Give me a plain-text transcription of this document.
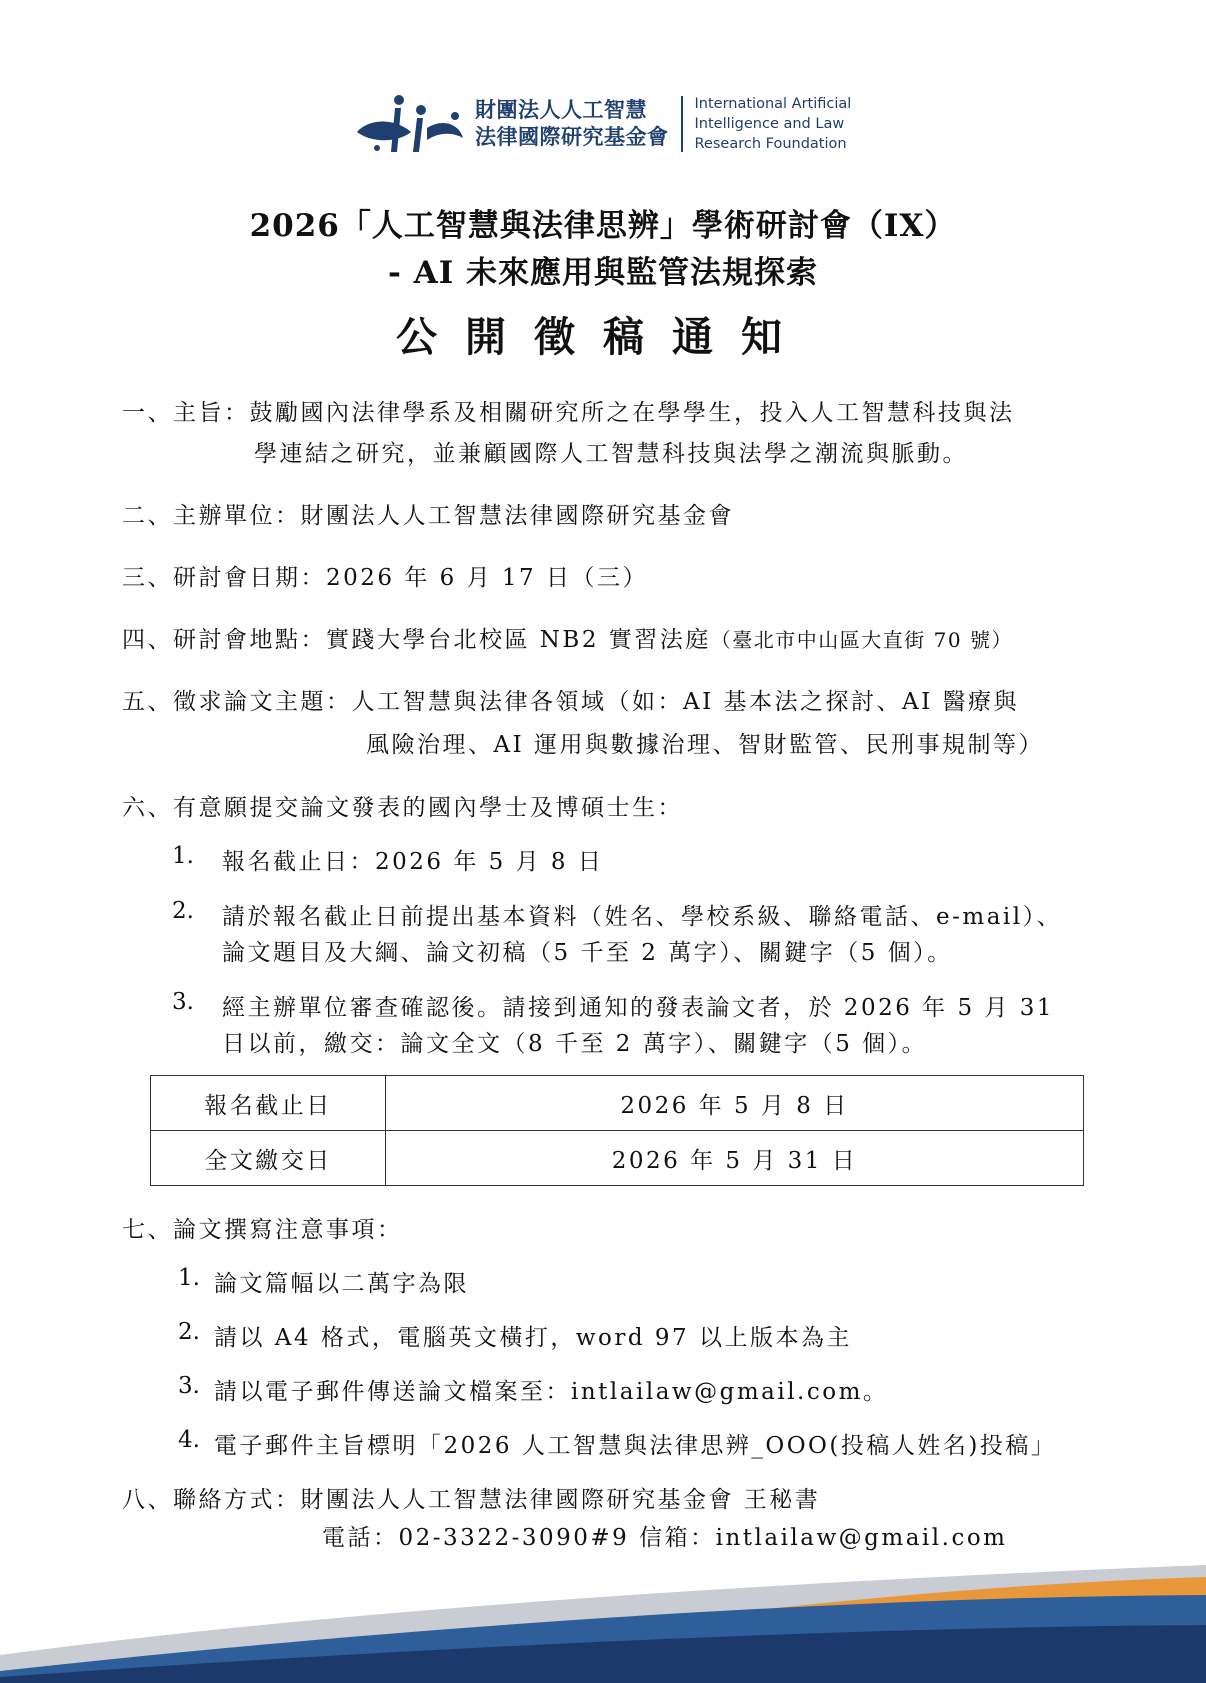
財團法人人工智慧
法律國際研究基金會
International Artificial
Intelligence and Law
Research Foundation
2026「人工智慧與法律思辨」學術研討會（IX）
- AI 未來應用與監管法規探索
公開徵稿通知
一、主旨：鼓勵國內法律學系及相關研究所之在學學生，投入人工智慧科技與法
學連結之研究，並兼顧國際人工智慧科技與法學之潮流與脈動。
二、主辦單位：財團法人人工智慧法律國際研究基金會
三、研討會日期：2026 年 6 月 17 日（三）
四、研討會地點：實踐大學台北校區 NB2 實習法庭（臺北市中山區大直街 70 號）
五、徵求論文主題：人工智慧與法律各領域（如：AI 基本法之探討、AI 醫療與
風險治理、AI 運用與數據治理、智財監管、民刑事規制等）
六、有意願提交論文發表的國內學士及博碩士生：
1. 報名截止日：2026 年 5 月 8 日
2. 請於報名截止日前提出基本資料（姓名、學校系級、聯絡電話、e-mail）、
論文題目及大綱、論文初稿（5 千至 2 萬字）、關鍵字（5 個）。
3. 經主辦單位審查確認後。請接到通知的發表論文者，於 2026 年 5 月 31
日以前，繳交：論文全文（8 千至 2 萬字）、關鍵字（5 個）。
報名截止日	2026 年 5 月 8 日
全文繳交日	2026 年 5 月 31 日
七、論文撰寫注意事項：
1. 論文篇幅以二萬字為限
2. 請以 A4 格式，電腦英文橫打，word 97 以上版本為主
3. 請以電子郵件傳送論文檔案至：intlailaw@gmail.com。
4. 電子郵件主旨標明「2026 人工智慧與法律思辨_OOO(投稿人姓名)投稿」
八、聯絡方式：財團法人人工智慧法律國際研究基金會 王秘書
電話：02-3322-3090#9 信箱：intlailaw@gmail.com
